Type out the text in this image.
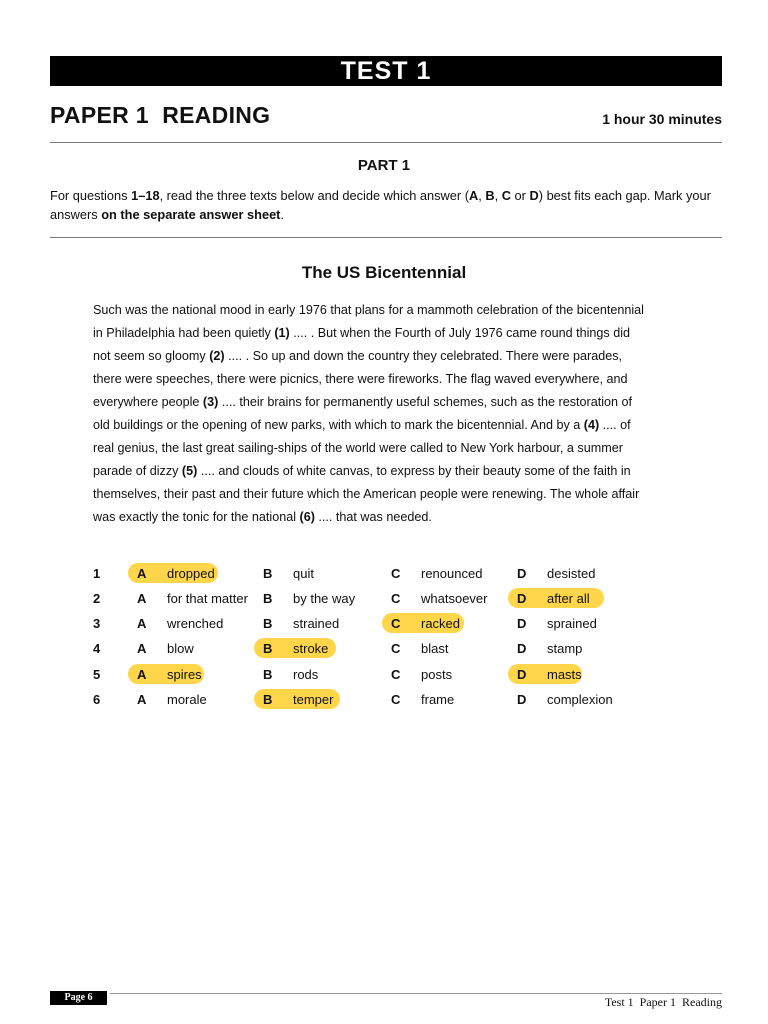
TEST 1
PAPER 1  READING	1 hour 30 minutes
PART 1
For questions 1–18, read the three texts below and decide which answer (A, B, C or D) best fits each gap. Mark your answers on the separate answer sheet.
The US Bicentennial
Such was the national mood in early 1976 that plans for a mammoth celebration of the bicentennial in Philadelphia had been quietly (1) .... . But when the Fourth of July 1976 came round things did not seem so gloomy (2) .... . So up and down the country they celebrated. There were parades, there were speeches, there were picnics, there were fireworks. The flag waved everywhere, and everywhere people (3) .... their brains for permanently useful schemes, such as the restoration of old buildings or the opening of new parks, with which to mark the bicentennial. And by a (4) .... of real genius, the last great sailing-ships of the world were called to New York harbour, a summer parade of dizzy (5) .... and clouds of white canvas, to express by their beauty some of the faith in themselves, their past and their future which the American people were renewing. The whole affair was exactly the tonic for the national (6) .... that was needed.
1	A dropped	B quit	C renounced	D desisted
2	A for that matter B by the way	C whatsoever D after all
3	A wrenched	B strained	C racked	D sprained
4	A blow	B stroke	C blast	D stamp
5	A spires	B rods	C posts	D masts
6	A morale	B temper	C frame	D complexion
Page 6	Test 1  Paper 1  Reading
